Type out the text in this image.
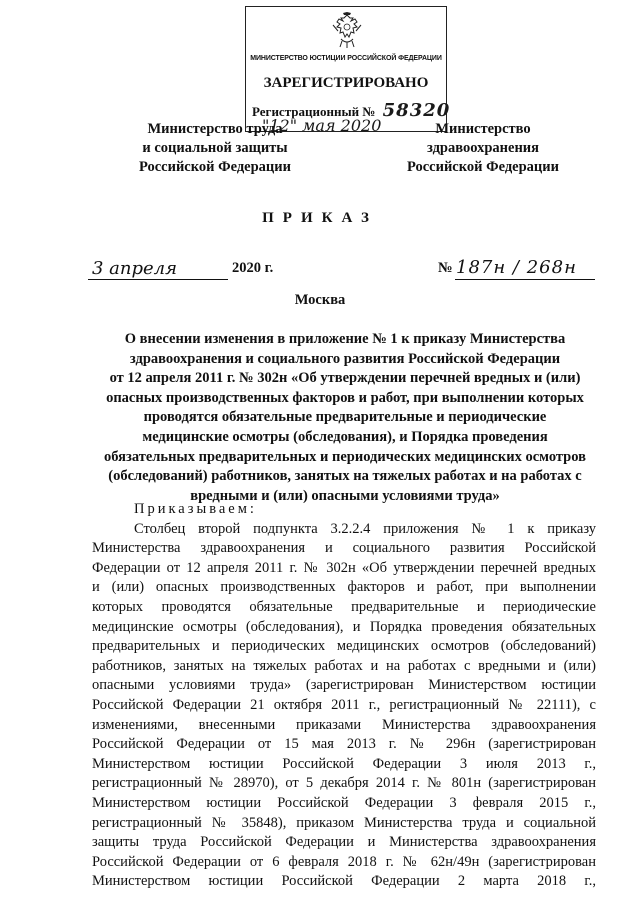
МИНИСТЕРСТВО ЮСТИЦИИ РОССИЙСКОЙ ФЕДЕРАЦИИ
ЗАРЕГИСТРИРОВАНО
Регистрационный № 58320
Министерство труда
и социальной защиты
Российской Федерации
"12" мая 2020	Министерство
здравоохранения
Российской Федерации
ПРИКАЗ
3 апреля	2020 г.	№ 187н / 268н
Москва
О внесении изменения в приложение № 1 к приказу Министерства
здравоохранения и социального развития Российской Федерации
от 12 апреля 2011 г. № 302н «Об утверждении перечней вредных и (или)
опасных производственных факторов и работ, при выполнении которых
проводятся обязательные предварительные и периодические
медицинские осмотры (обследования), и Порядка проведения
обязательных предварительных и периодических медицинских осмотров
(обследований) работников, занятых на тяжелых работах и на работах с
вредными и (или) опасными условиями труда»
Приказываем:
Столбец второй подпункта 3.2.2.4 приложения № 1 к приказу
Министерства здравоохранения и социального развития Российской
Федерации от 12 апреля 2011 г. № 302н «Об утверждении перечней вредных
и (или) опасных производственных факторов и работ, при выполнении
которых проводятся обязательные предварительные и периодические
медицинские осмотры (обследования), и Порядка проведения обязательных
предварительных и периодических медицинских осмотров (обследований)
работников, занятых на тяжелых работах и на работах с вредными и (или)
опасными условиями труда» (зарегистрирован Министерством юстиции
Российской Федерации 21 октября 2011 г., регистрационный № 22111), с
изменениями, внесенными приказами Министерства здравоохранения
Российской Федерации от 15 мая 2013 г. № 296н (зарегистрирован
Министерством юстиции Российской Федерации 3 июля 2013 г.,
регистрационный № 28970), от 5 декабря 2014 г. № 801н (зарегистрирован
Министерством юстиции Российской Федерации 3 февраля 2015 г.,
регистрационный № 35848), приказом Министерства труда и социальной
защиты труда Российской Федерации и Министерства здравоохранения
Российской Федерации от 6 февраля 2018 г. № 62н/49н (зарегистрирован
Министерством юстиции Российской Федерации 2 марта 2018 г.,
